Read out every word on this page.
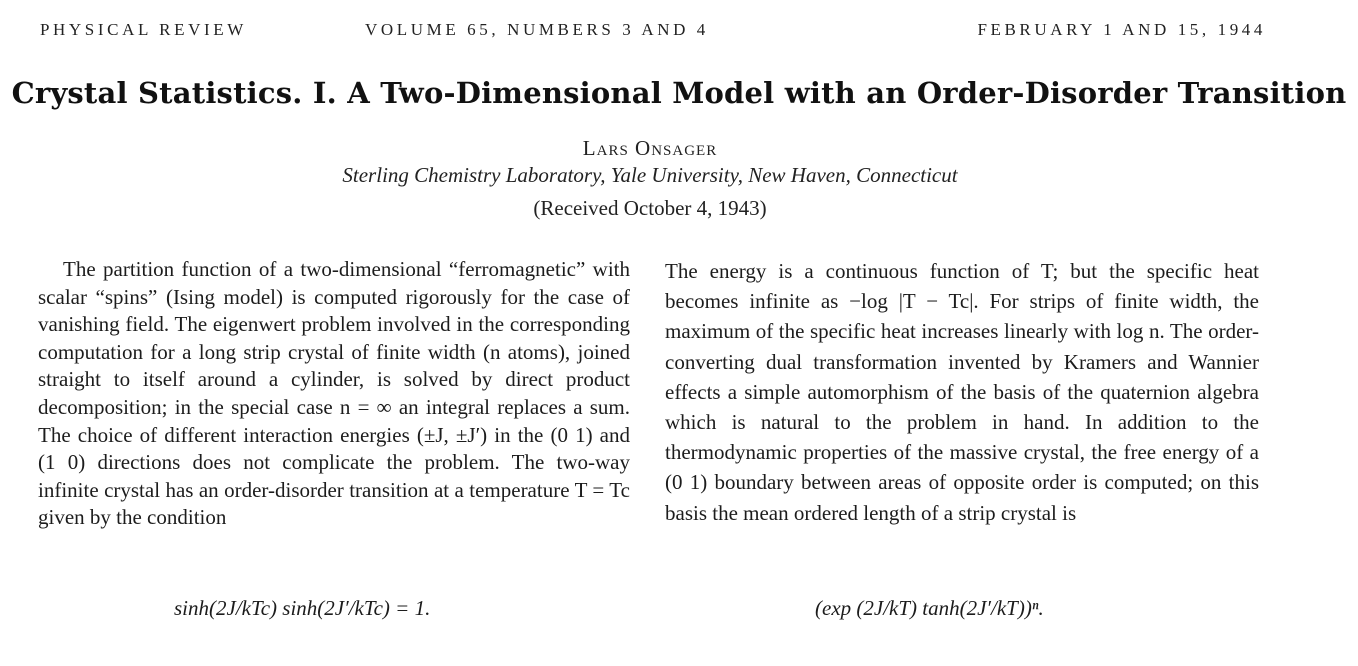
PHYSICAL REVIEW	VOLUME 65, NUMBERS 3 AND 4	FEBRUARY 1 AND 15, 1944
Crystal Statistics. I. A Two-Dimensional Model with an Order-Disorder Transition
Lars Onsager
Sterling Chemistry Laboratory, Yale University, New Haven, Connecticut
(Received October 4, 1943)

The partition function of a two-dimensional “ferromagnetic” with scalar “spins” (Ising model) is computed rigorously for the case of vanishing field. The eigenwert problem involved in the corresponding computation for a long strip crystal of finite width (n atoms), joined straight to itself around a cylinder, is solved by direct product decomposition; in the special case n = ∞ an integral replaces a sum. The choice of different interaction energies (±J, ±J′) in the (0 1) and (1 0) directions does not complicate the problem. The two-way infinite crystal has an order-disorder transition at a temperature T = Tc given by the condition

sinh(2J/kTc) sinh(2J′/kTc) = 1.

The energy is a continuous function of T; but the specific heat becomes infinite as −log |T − Tc|. For strips of finite width, the maximum of the specific heat increases linearly with log n. The order-converting dual transformation invented by Kramers and Wannier effects a simple automorphism of the basis of the quaternion algebra which is natural to the problem in hand. In addition to the thermodynamic properties of the massive crystal, the free energy of a (0 1) boundary between areas of opposite order is computed; on this basis the mean ordered length of a strip crystal is

(exp (2J/kT) tanh(2J′/kT))ⁿ.
